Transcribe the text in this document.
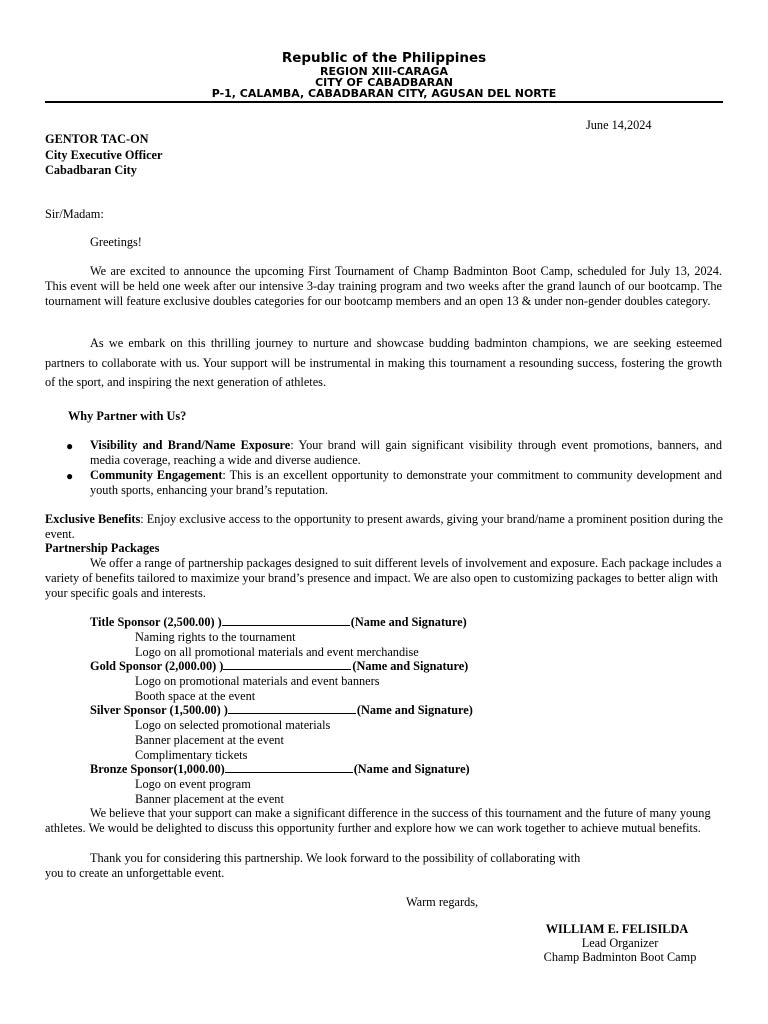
Republic of the Philippines
REGION XIII-CARAGA
CITY OF CABADBARAN
P-1, CALAMBA, CABADBARAN CITY, AGUSAN DEL NORTE
June 14,2024
GENTOR TAC-ON
City Executive Officer
Cabadbaran City
Sir/Madam:
Greetings!
We are excited to announce the upcoming First Tournament of Champ Badminton Boot Camp, scheduled for July 13, 2024. This event will be held one week after our intensive 3-day training program and two weeks after the grand launch of our bootcamp. The tournament will feature exclusive doubles categories for our bootcamp members and an open 13 & under non-gender doubles category.
As we embark on this thrilling journey to nurture and showcase budding badminton champions, we are seeking esteemed partners to collaborate with us. Your support will be instrumental in making this tournament a resounding success, fostering the growth of the sport, and inspiring the next generation of athletes.
Why Partner with Us?
● Visibility and Brand/Name Exposure: Your brand will gain significant visibility through event promotions, banners, and media coverage, reaching a wide and diverse audience.
● Community Engagement: This is an excellent opportunity to demonstrate your commitment to community development and youth sports, enhancing your brand’s reputation.
Exclusive Benefits: Enjoy exclusive access to the opportunity to present awards, giving your brand/name a prominent position during the event.
Partnership Packages
We offer a range of partnership packages designed to suit different levels of involvement and exposure. Each package includes a variety of benefits tailored to maximize your brand’s presence and impact. We are also open to customizing packages to better align with your specific goals and interests.
Title Sponsor (2,500.00) )	(Name and Signature)
Naming rights to the tournament
Logo on all promotional materials and event merchandise
Gold Sponsor (2,000.00) )	(Name and Signature)
Logo on promotional materials and event banners
Booth space at the event
Silver Sponsor (1,500.00) )	(Name and Signature)
Logo on selected promotional materials
Banner placement at the event
Complimentary tickets
Bronze Sponsor(1,000.00)	(Name and Signature)
Logo on event program
Banner placement at the event
We believe that your support can make a significant difference in the success of this tournament and the future of many young athletes. We would be delighted to discuss this opportunity further and explore how we can work together to achieve mutual benefits.
Thank you for considering this partnership. We look forward to the possibility of collaborating with
you to create an unforgettable event.
Warm regards,
WILLIAM E. FELISILDA
Lead Organizer
Champ Badminton Boot Camp
